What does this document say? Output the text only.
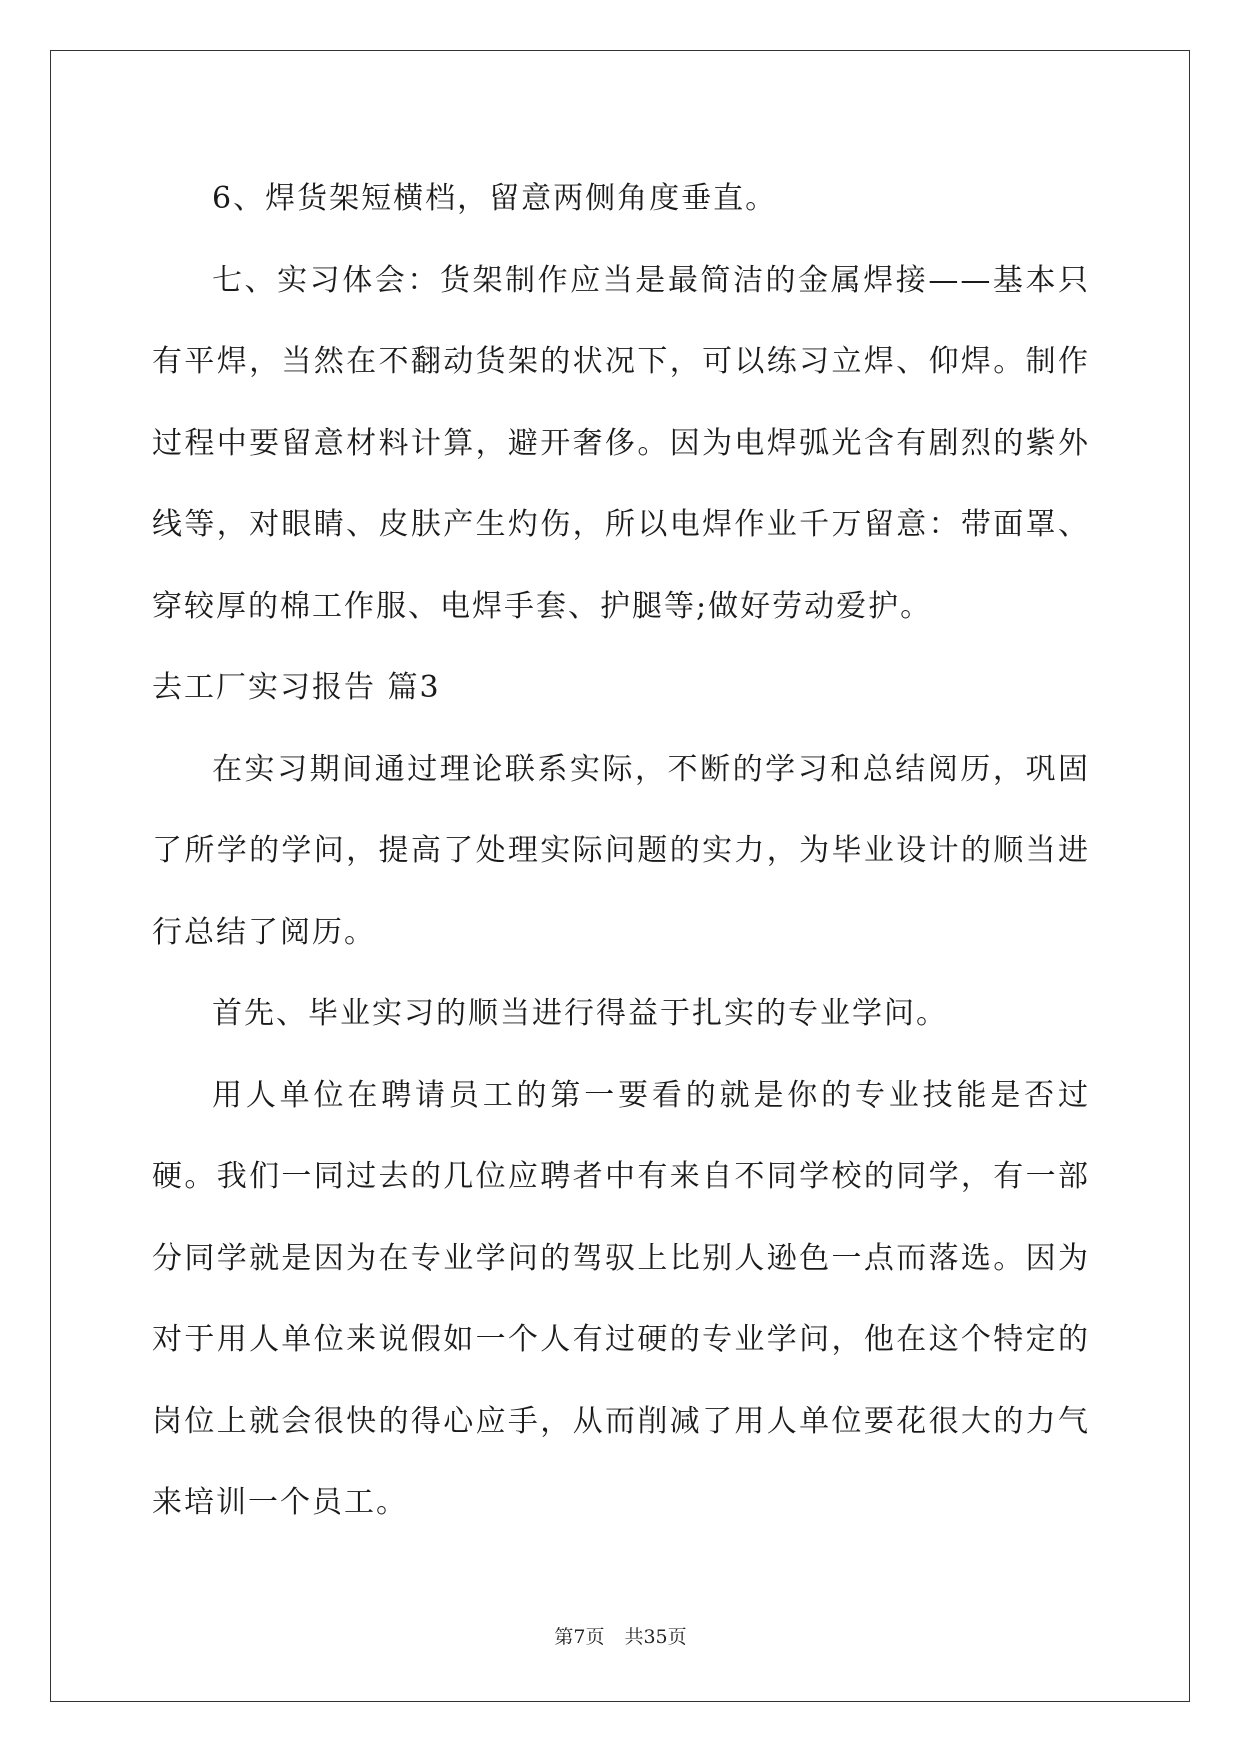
6、焊货架短横档，留意两侧角度垂直。

七、实习体会：货架制作应当是最简洁的金属焊接——基本只有平焊，当然在不翻动货架的状况下，可以练习立焊、仰焊。制作过程中要留意材料计算，避开奢侈。因为电焊弧光含有剧烈的紫外线等，对眼睛、皮肤产生灼伤，所以电焊作业千万留意：带面罩、穿较厚的棉工作服、电焊手套、护腿等;做好劳动爱护。

去工厂实习报告 篇3

在实习期间通过理论联系实际，不断的学习和总结阅历，巩固了所学的学问，提高了处理实际问题的实力，为毕业设计的顺当进行总结了阅历。

首先、毕业实习的顺当进行得益于扎实的专业学问。

用人单位在聘请员工的第一要看的就是你的专业技能是否过硬。我们一同过去的几位应聘者中有来自不同学校的同学，有一部分同学就是因为在专业学问的驾驭上比别人逊色一点而落选。因为对于用人单位来说假如一个人有过硬的专业学问，他在这个特定的岗位上就会很快的得心应手，从而削减了用人单位要花很大的力气来培训一个员工。

第7页 共35页
